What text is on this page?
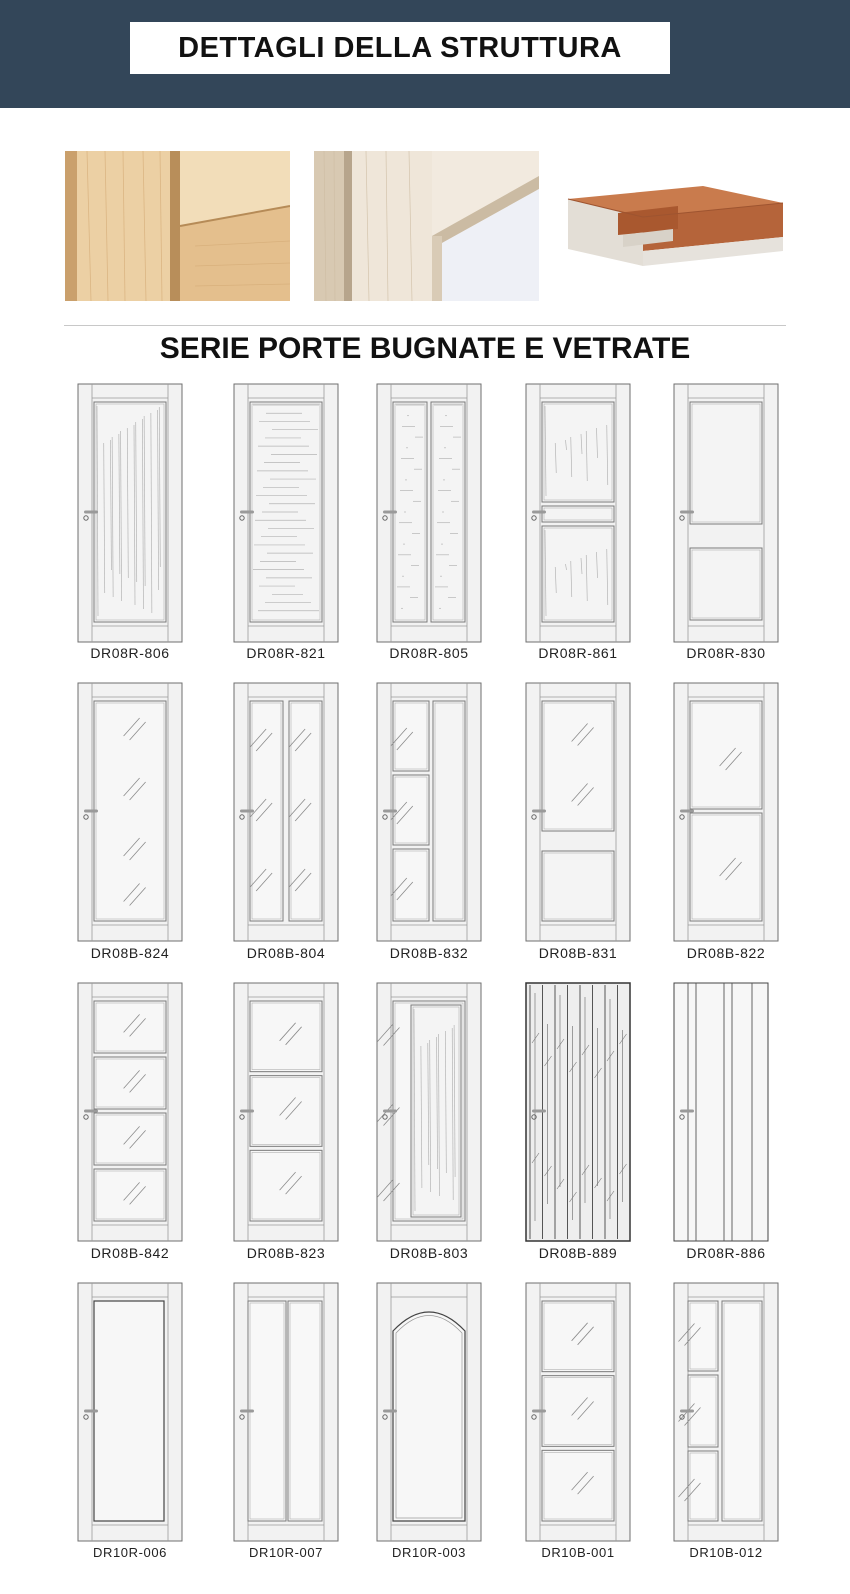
DETTAGLI DELLA STRUTTURA
SERIE PORTE BUGNATE E VETRATE
DR08R-806	DR08R-821	DR08R-805	DR08R-861	DR08R-830
DR08B-824	DR08B-804	DR08B-832	DR08B-831	DR08B-822
DR08B-842	DR08B-823	DR08B-803	DR08B-889	DR08R-886
DR10R-006	DR10R-007	DR10R-003	DR10B-001	DR10B-012
